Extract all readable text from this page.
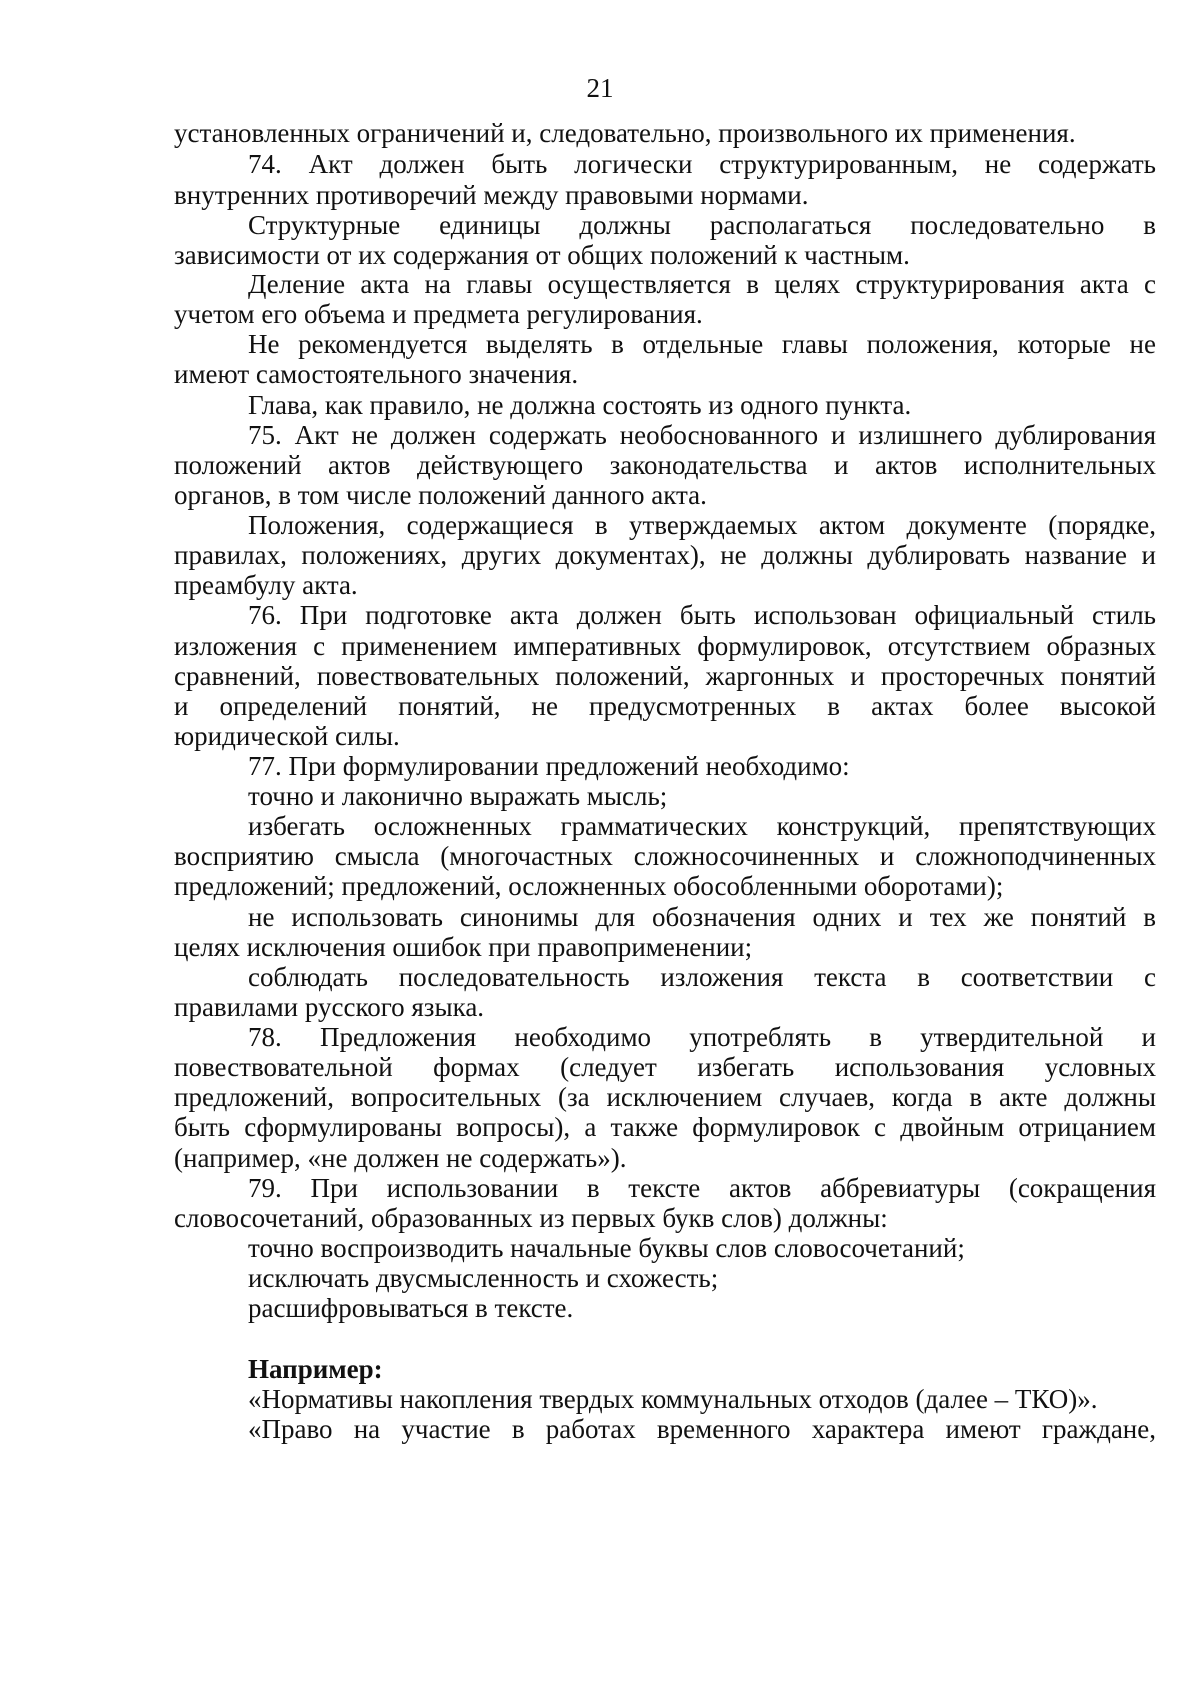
21
установленных ограничений и, следовательно, произвольного их применения.
74. Акт должен быть логически структурированным, не содержать
внутренних противоречий между правовыми нормами.
Структурные единицы должны располагаться последовательно в
зависимости от их содержания от общих положений к частным.
Деление акта на главы осуществляется в целях структурирования акта с
учетом его объема и предмета регулирования.
Не рекомендуется выделять в отдельные главы положения, которые не
имеют самостоятельного значения.
Глава, как правило, не должна состоять из одного пункта.
75. Акт не должен содержать необоснованного и излишнего дублирования
положений актов действующего законодательства и актов исполнительных
органов, в том числе положений данного акта.
Положения, содержащиеся в утверждаемых актом документе (порядке,
правилах, положениях, других документах), не должны дублировать название и
преамбулу акта.
76. При подготовке акта должен быть использован официальный стиль
изложения с применением императивных формулировок, отсутствием образных
сравнений, повествовательных положений, жаргонных и просторечных понятий
и определений понятий, не предусмотренных в актах более высокой
юридической силы.
77. При формулировании предложений необходимо:
точно и лаконично выражать мысль;
избегать осложненных грамматических конструкций, препятствующих
восприятию смысла (многочастных сложносочиненных и сложноподчиненных
предложений; предложений, осложненных обособленными оборотами);
не использовать синонимы для обозначения одних и тех же понятий в
целях исключения ошибок при правоприменении;
соблюдать последовательность изложения текста в соответствии с
правилами русского языка.
78. Предложения необходимо употреблять в утвердительной и
повествовательной формах (следует избегать использования условных
предложений, вопросительных (за исключением случаев, когда в акте должны
быть сформулированы вопросы), а также формулировок с двойным отрицанием
(например, «не должен не содержать»).
79. При использовании в тексте актов аббревиатуры (сокращения
словосочетаний, образованных из первых букв слов) должны:
точно воспроизводить начальные буквы слов словосочетаний;
исключать двусмысленность и схожесть;
расшифровываться в тексте.
Например:
«Нормативы накопления твердых коммунальных отходов (далее – ТКО)».
«Право на участие в работах временного характера имеют граждане,
